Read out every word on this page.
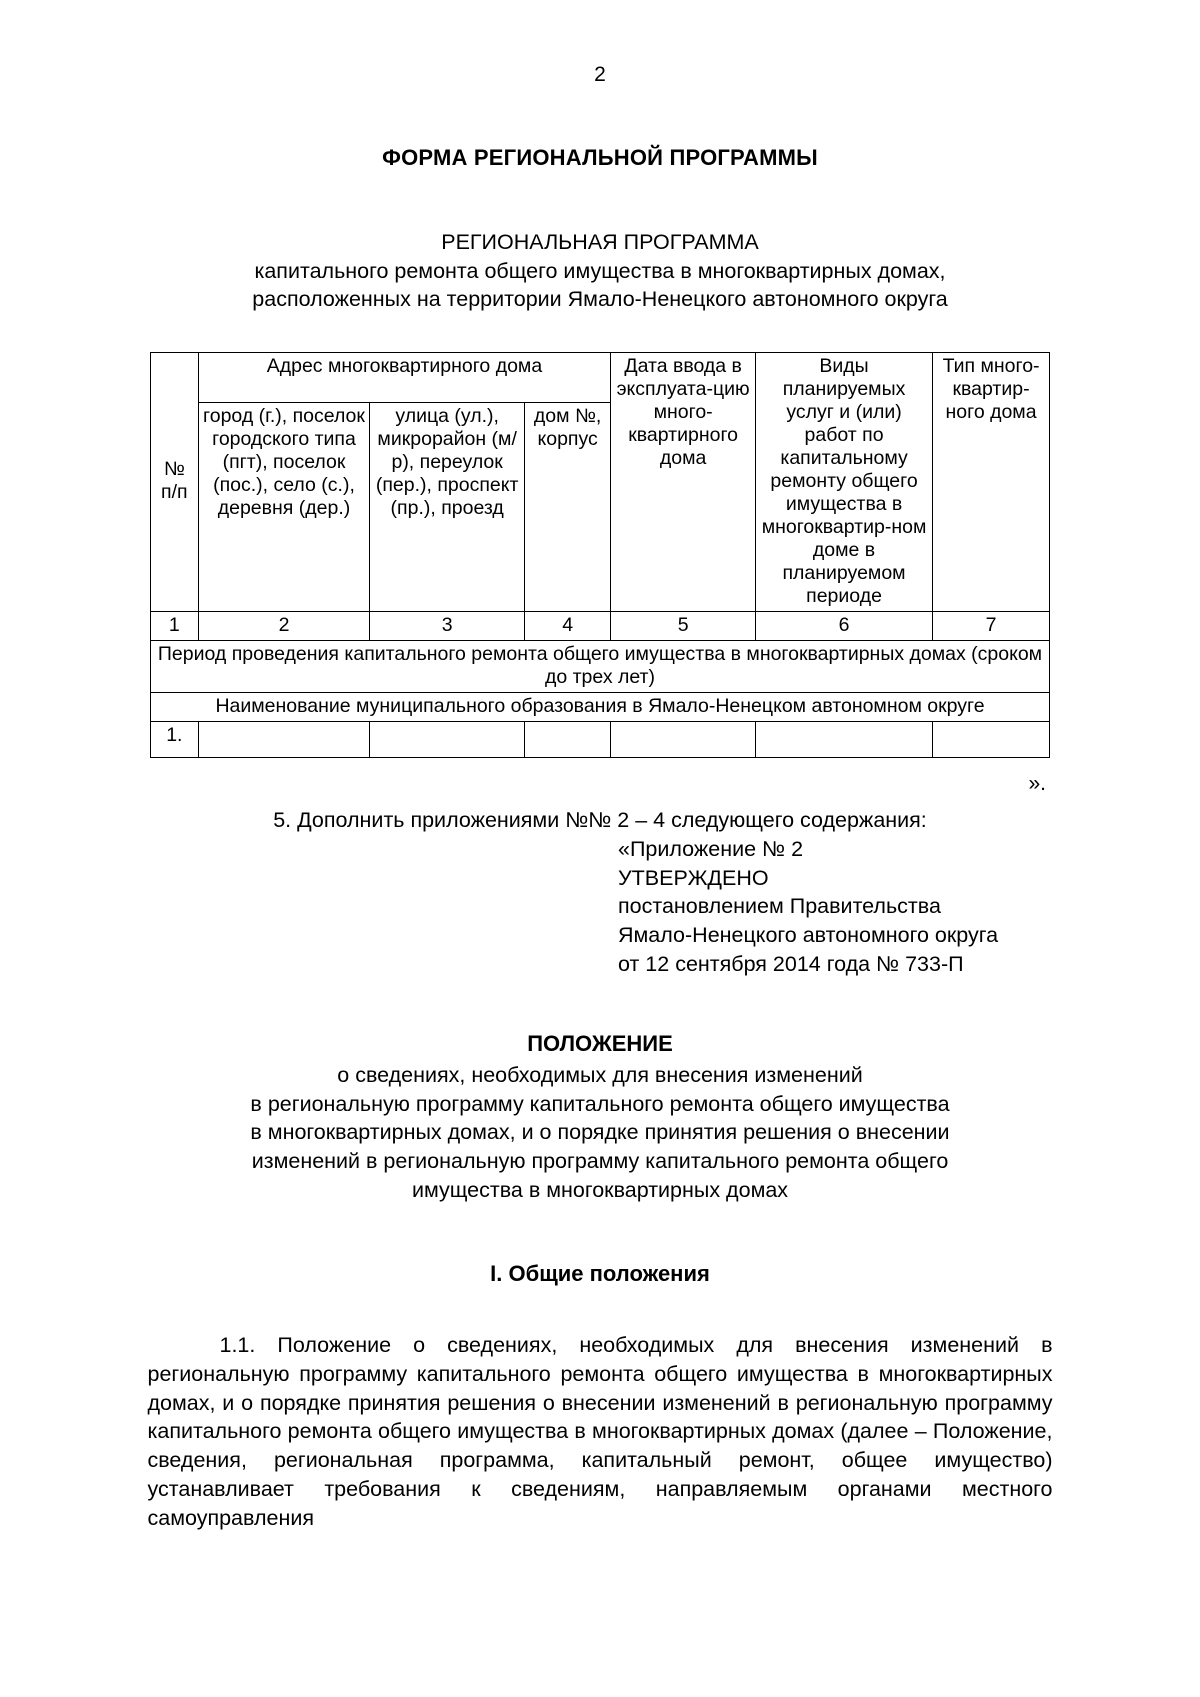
2
ФОРМА РЕГИОНАЛЬНОЙ ПРОГРАММЫ
РЕГИОНАЛЬНАЯ ПРОГРАММА
капитального ремонта общего имущества в многоквартирных домах,
расположенных на территории Ямало-Ненецкого автономного округа
№ п/п	Адрес многоквартирного дома			Дата ввода в эксплуата-цию много-квартирного дома	Виды планируемых услуг и (или) работ по капитальному ремонту общего имущества в многоквартир-ном доме в планируемом периоде	Тип много-квартир-ного дома
	город (г.), поселок городского типа (пгт), поселок (пос.), село (с.), деревня (дер.)	улица (ул.), микрорайон (м/р), переулок (пер.), проспект (пр.), проезд	дом №, корпус			
1	2	3	4	5	6	7
Период проведения капитального ремонта общего имущества в многоквартирных домах (сроком до трех лет)						
Наименование муниципального образования в Ямало-Ненецком автономном округе						
1.						
».
5. Дополнить приложениями №№ 2 – 4 следующего содержания:
«Приложение № 2
УТВЕРЖДЕНО
постановлением Правительства
Ямало-Ненецкого автономного округа
от 12 сентября 2014 года № 733-П
ПОЛОЖЕНИЕ
о сведениях, необходимых для внесения изменений
в региональную программу капитального ремонта общего имущества
в многоквартирных домах, и о порядке принятия решения о внесении
изменений в региональную программу капитального ремонта общего
имущества в многоквартирных домах
I. Общие положения
1.1. Положение о сведениях, необходимых для внесения изменений в региональную программу капитального ремонта общего имущества в многоквартирных домах, и о порядке принятия решения о внесении изменений в региональную программу капитального ремонта общего имущества в многоквартирных домах (далее – Положение, сведения, региональная программа, капитальный ремонт, общее имущество) устанавливает требования к сведениям, направляемым органами местного самоуправления
